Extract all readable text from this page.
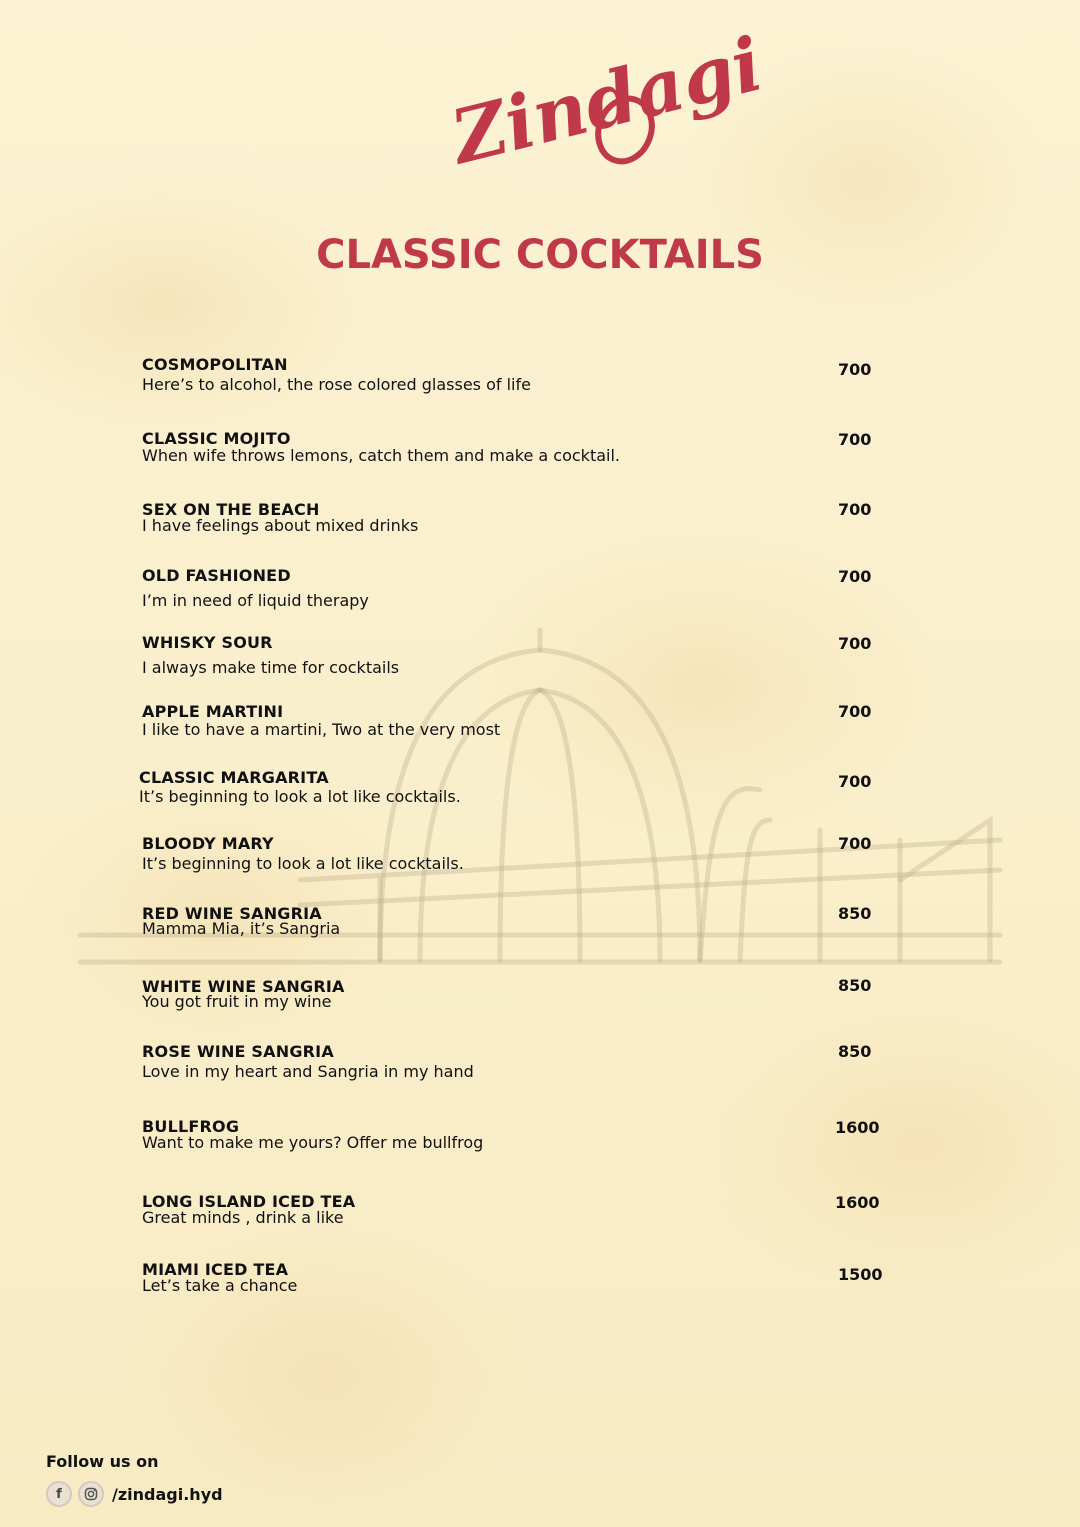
Zindagi
CLASSIC COCKTAILS
COSMOPOLITAN
Here’s to alcohol, the rose colored glasses of life
700
CLASSIC MOJITO
When wife throws lemons, catch them and make a cocktail.
700
SEX ON THE BEACH
I have feelings about mixed drinks
700
OLD FASHIONED
I’m in need of liquid therapy
700
WHISKY SOUR
I always make time for cocktails
700
APPLE MARTINI
I like to have a martini, Two at the very most
700
CLASSIC MARGARITA
It’s beginning to look a lot like cocktails.
700
BLOODY MARY
It’s beginning to look a lot like cocktails.
700
RED WINE SANGRIA
Mamma Mia, it’s Sangria
850
WHITE WINE SANGRIA
You got fruit in my wine
850
ROSE WINE SANGRIA
Love in my heart and Sangria in my hand
850
BULLFROG
Want to make me yours? Offer me bullfrog
1600
LONG ISLAND ICED TEA
Great minds , drink a like
1600
MIAMI ICED TEA
Let’s take a chance
1500
Follow us on
f	/zindagi.hyd
